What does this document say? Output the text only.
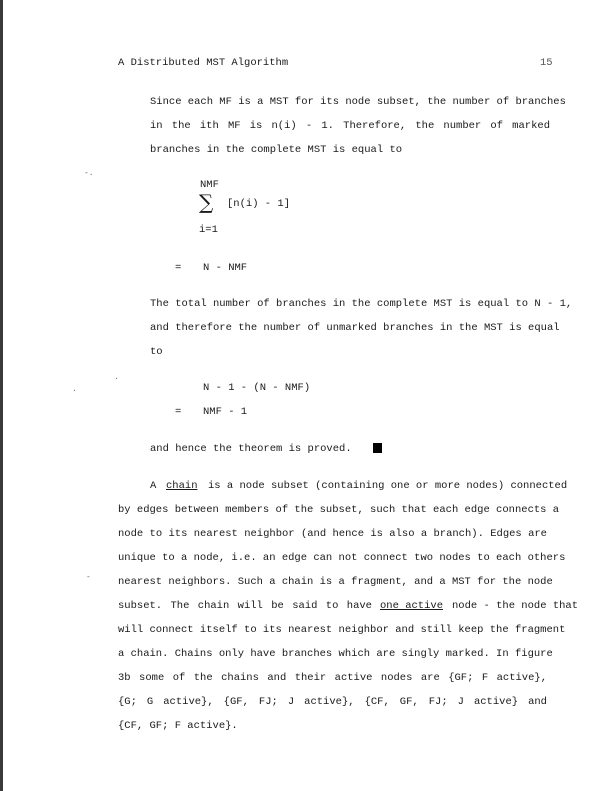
A Distributed MST Algorithm	15
Since each MF is a MST for its node subset, the number of branches
in the ith MF is n(i) - 1. Therefore, the number of marked
branches in the complete MST is equal to
NMF
∑ [n(i) - 1]
i=1
= N - NMF
The total number of branches in the complete MST is equal to N - 1,
and therefore the number of unmarked branches in the MST is equal
to
N - 1 - (N - NMF)
= NMF - 1
and hence the theorem is proved.
A chain is a node subset (containing one or more nodes) connected
by edges between members of the subset, such that each edge connects a
node to its nearest neighbor (and hence is also a branch). Edges are
unique to a node, i.e. an edge can not connect two nodes to each others
nearest neighbors. Such a chain is a fragment, and a MST for the node
subset. The chain will be said to have one active node - the node that
will connect itself to its nearest neighbor and still keep the fragment
a chain. Chains only have branches which are singly marked. In figure
3b some of the chains and their active nodes are {GF; F active},
{G; G active}, {GF, FJ; J active}, {CF, GF, FJ; J active} and
{CF, GF; F active}.
-.
.
.
-
